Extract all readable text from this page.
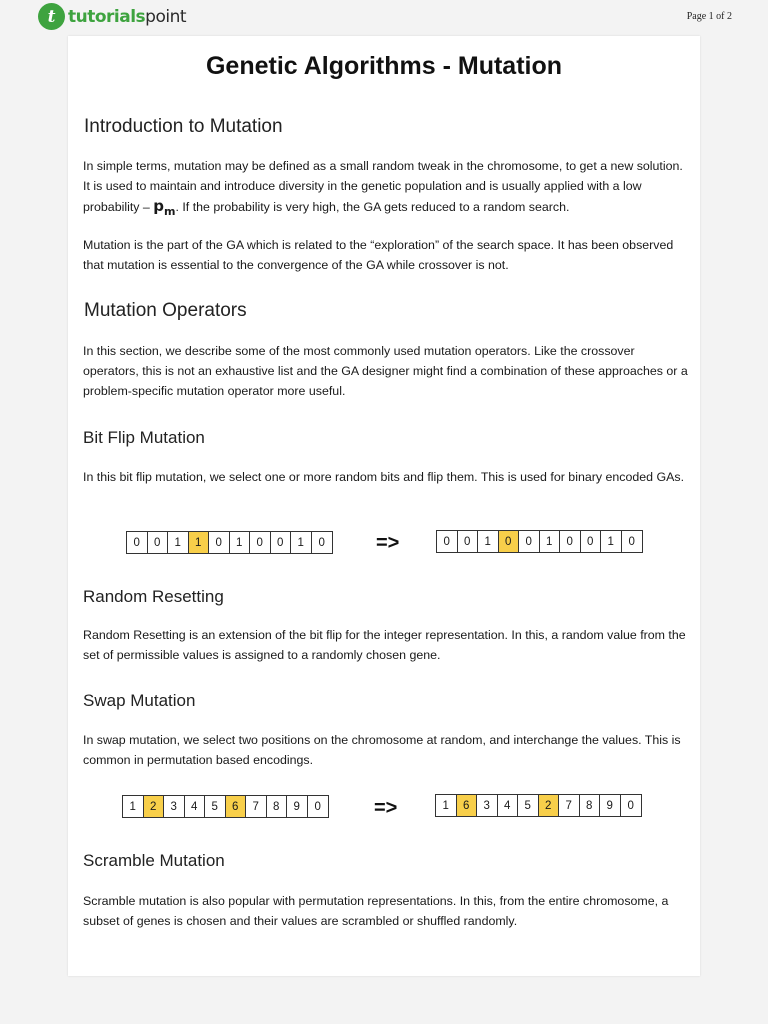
t tutorialspoint	Page 1 of 2
Genetic Algorithms - Mutation
Introduction to Mutation

In simple terms, mutation may be defined as a small random tweak in the chromosome, to get a new solution. It is used to maintain and introduce diversity in the genetic population and is usually applied with a low probability – $p_m$. If the probability is very high, the GA gets reduced to a random search.

Mutation is the part of the GA which is related to the “exploration” of the search space. It has been observed that mutation is essential to the convergence of the GA while crossover is not.

Mutation Operators

In this section, we describe some of the most commonly used mutation operators. Like the crossover operators, this is not an exhaustive list and the GA designer might find a combination of these approaches or a problem-specific mutation operator more useful.

Bit Flip Mutation

In this bit flip mutation, we select one or more random bits and flip them. This is used for binary encoded GAs.

0	0	1	1	0	1	0	0	1	0	=>	0	0	1	0	0	1	0	0	1	0
Random Resetting

Random Resetting is an extension of the bit flip for the integer representation. In this, a random value from the set of permissible values is assigned to a randomly chosen gene.

Swap Mutation

In swap mutation, we select two positions on the chromosome at random, and interchange the values. This is common in permutation based encodings.

1	2	3	4	5	6	7	8	9	0	=>	1	6	3	4	5	2	7	8	9	0
Scramble Mutation

Scramble mutation is also popular with permutation representations. In this, from the entire chromosome, a subset of genes is chosen and their values are scrambled or shuffled randomly.
